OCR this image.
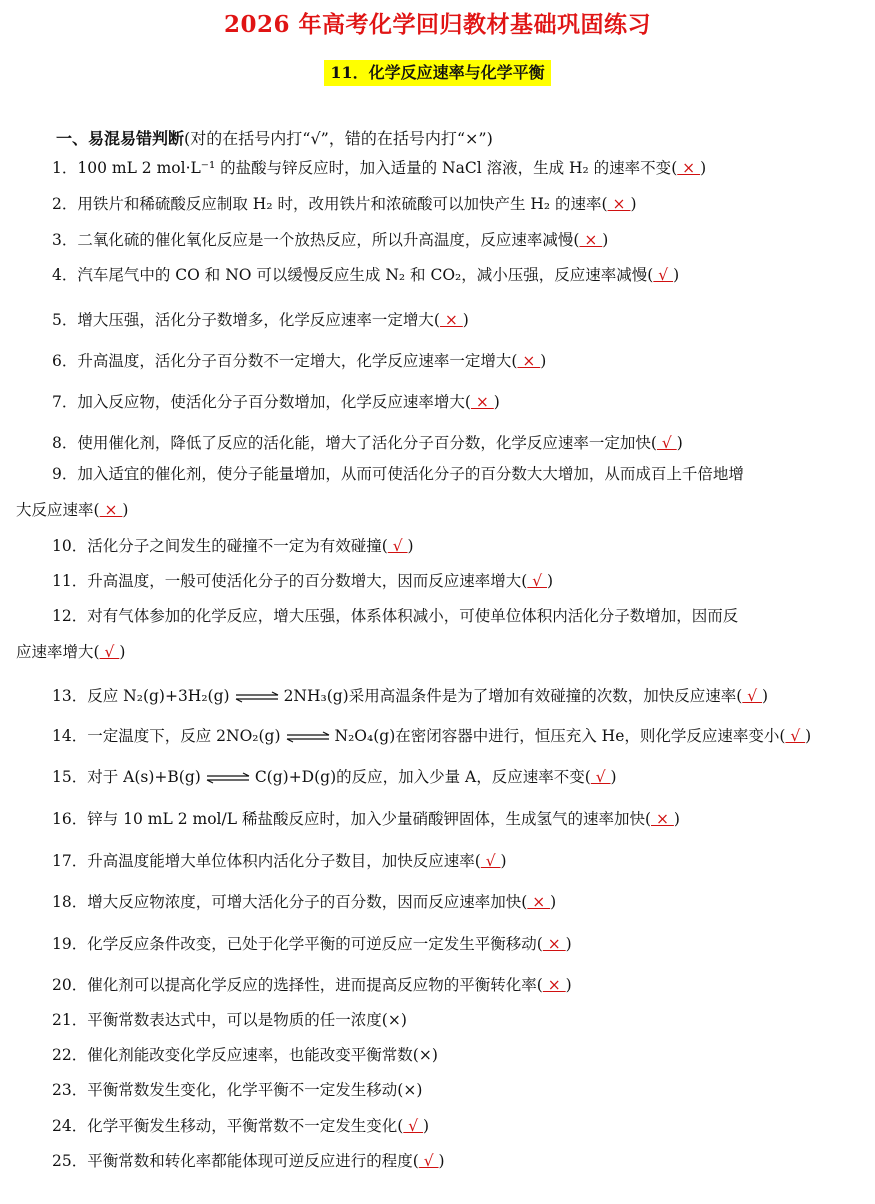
2026 年高考化学回归教材基础巩固练习
11．化学反应速率与化学平衡
一、易混易错判断(对的在括号内打“√”，错的在括号内打“×”)
1．100 mL 2 mol·L⁻¹ 的盐酸与锌反应时，加入适量的 NaCl 溶液，生成 H₂ 的速率不变( × )
2．用铁片和稀硫酸反应制取 H₂ 时，改用铁片和浓硫酸可以加快产生 H₂ 的速率( × )
3．二氧化硫的催化氧化反应是一个放热反应，所以升高温度，反应速率减慢( × )
4．汽车尾气中的 CO 和 NO 可以缓慢反应生成 N₂ 和 CO₂，减小压强，反应速率减慢( √ )
5．增大压强，活化分子数增多，化学反应速率一定增大( × )
6．升高温度，活化分子百分数不一定增大，化学反应速率一定增大( × )
7．加入反应物，使活化分子百分数增加，化学反应速率增大( × )
8．使用催化剂，降低了反应的活化能，增大了活化分子百分数，化学反应速率一定加快( √ )
大反应速率( × )
9．加入适宜的催化剂，使分子能量增加，从而可使活化分子的百分数大大增加，从而成百上千倍地增
10．活化分子之间发生的碰撞不一定为有效碰撞( √ )
11．升高温度，一般可使活化分子的百分数增大，因而反应速率增大( √ )
应速率增大( √ )
12．对有气体参加的化学反应，增大压强，体系体积减小，可使单位体积内活化分子数增加，因而反
13．反应 N₂(g)+3H₂(g) ⇌ 2NH₃(g)采用高温条件是为了增加有效碰撞的次数，加快反应速率( √ )
14．一定温度下，反应 2NO₂(g) ⇌ N₂O₄(g)在密闭容器中进行，恒压充入 He，则化学反应速率变小( √ )
15．对于 A(s)+B(g) ⇌ C(g)+D(g)的反应，加入少量 A，反应速率不变( √ )
16．锌与 10 mL 2 mol/L 稀盐酸反应时，加入少量硝酸钾固体，生成氢气的速率加快( × )
17．升高温度能增大单位体积内活化分子数目，加快反应速率( √ )
18．增大反应物浓度，可增大活化分子的百分数，因而反应速率加快( × )
19．化学反应条件改变，已处于化学平衡的可逆反应一定发生平衡移动( × )
20．催化剂可以提高化学反应的选择性，进而提高反应物的平衡转化率( × )
21．平衡常数表达式中，可以是物质的任一浓度(×)
22．催化剂能改变化学反应速率，也能改变平衡常数(×)
23．平衡常数发生变化，化学平衡不一定发生移动(×)
24．化学平衡发生移动，平衡常数不一定发生变化( √ )
25．平衡常数和转化率都能体现可逆反应进行的程度( √ )
